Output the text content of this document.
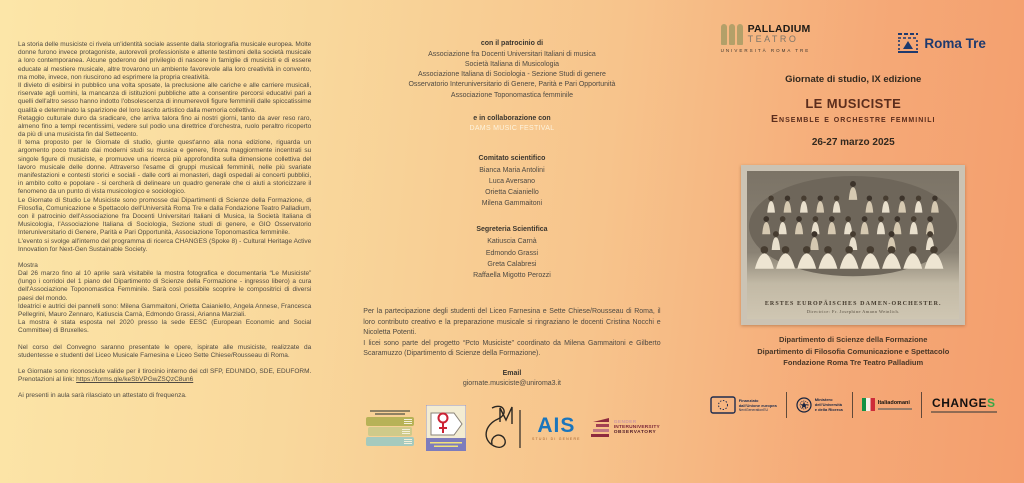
La storia delle musiciste ci rivela un'identità sociale assente dalla storiografia musicale europea. Molte donne furono invece protagoniste, autorevoli professioniste e attente testimoni della società musicale a loro contemporanea. Alcune goderono del privilegio di nascere in famiglie di musicisti e di essere educate al mestiere musicale, altre trovarono un ambiente favorevole alla loro creatività in convento, ma molte, invece, non riuscirono ad esprimere la propria creatività.
Il divieto di esibirsi in pubblico una volta sposate, la preclusione alle cariche e alle carriere musicali, riservate agli uomini, la mancanza di istituzioni pubbliche atte a consentire percorsi educativi pari a quelli dell'altro sesso hanno indotto l'obsolescenza di innumerevoli figure femminili dalle spiccatissime qualità e determinato la sparizione del loro lascito artistico dalla memoria collettiva.
Retaggio culturale duro da sradicare, che arriva talora fino ai nostri giorni, tanto da aver reso raro, almeno fino a tempi recentissimi, vedere sul podio una direttrice d'orchestra, ruolo peraltro ricoperto da più di una musicista fin dal Settecento.
Il tema proposto per le Giornate di studio, giunte quest'anno alla nona edizione, riguarda un argomento poco trattato dai moderni studi su musica e genere, finora maggiormente incentrati su singole figure di musiciste, e promuove una ricerca più approfondita sulla dimensione collettiva del lavoro musicale delle donne. Attraverso l'esame di gruppi musicali femminili, nelle più svariate manifestazioni e contesti storici e sociali - dalle corti ai monasteri, dagli ospedali ai concerti pubblici, in ambito colto e popolare - si cercherà di delineare un quadro generale che ci aiuti a storicizzare il fenomeno da un punto di vista musicologico e sociologico.
Le Giornate di Studio Le Musiciste sono promosse dai Dipartimenti di Scienze della Formazione, di Filosofia, Comunicazione e Spettacolo dell'Università Roma Tre e dalla Fondazione Teatro Palladium, con il patrocinio dell'Associazione fra Docenti Universitari Italiani di Musica, la Società Italiana di Musicologia, l'Associazione Italiana di Sociologia, Sezione studi di genere, e GIO Osservatorio Interuniversitario di Genere, Parità e Pari Opportunità, Associazione Toponomastica femminile.
L'evento si svolge all'interno del programma di ricerca CHANGES (Spoke 8) - Cultural Heritage Active Innovation for Next-Gen Sustainable Society.
Mostra
Dal 26 marzo fino al 10 aprile sarà visitabile la mostra fotografica e documentaria “Le Musiciste” (lungo i corridoi del 1 piano del Dipartimento di Scienze della Formazione - ingresso libero) a cura dell'Associazione Toponomastica Femminile. Sarà così possibile scoprire le compositrici di diversi paesi del mondo.
Ideatrici e autrici dei pannelli sono: Milena Gammaitoni, Orietta Caianiello, Angela Annese, Francesca Pellegrini, Mauro Zennaro, Katiuscia Carnà, Edmondo Grassi, Arianna Marziali.
La mostra è stata esposta nel 2020 presso la sede EESC (European Economic and Social Committee) di Bruxelles.

Nel corso del Convegno saranno presentate le opere, ispirate alle musiciste, realizzate da studentesse e studenti del Liceo Musicale Farnesina e Liceo Sette Chiese/Rousseau di Roma.

Le Giornate sono riconosciute valide per il tirocinio interno dei cdl SFP, EDUNIDO, SDE, EDUFORM. Prenotazioni al link: https://forms.gle/keSbVPGwZSQzC8un6

Ai presenti in aula sarà rilasciato un attestato di frequenza.

con il patrocinio di
Associazione fra Docenti Universitari Italiani di musica
Società Italiana di Musicologia
Associazione Italiana di Sociologia - Sezione Studi di genere
Osservatorio Interuniversitario di Genere, Parità e Pari Opportunità
Associazione Toponomastica femminile
e in collaborazione con
DAMS MUSIC FESTIVAL
Comitato scientifico
Bianca Maria Antolini
Luca Aversano
Orietta Caianiello
Milena Gammaitoni
Segreteria Scientifica
Katiuscia Carnà
Edmondo Grassi
Greta Calabresi
Raffaella Migotto Perozzi
Per la partecipazione degli studenti del Liceo Farnesina e Sette Chiese/Rousseau di Roma, il loro contributo creativo e la preparazione musicale si ringraziano le docenti Cristina Nocchi e Nicoletta Potenti.
I licei sono parte del progetto “Pcto Musiciste” coordinato da Milena Gammaitoni e Gilberto Scaramuzzo (Dipartimento di Scienze della Formazione).
Email
giornate.musiciste@uniroma3.it
AIS
STUDI DI GENERE
GENDER
INTERUNIVERSITY
OBSERVATORY
PALLADIUM
TEATRO
UNIVERSITÀ ROMA TRE	Roma Tre
Giornate di studio, IX edizione
LE MUSICISTE
Ensemble e orchestre femminili
26-27 marzo 2025
ERSTES EUROPÄISCHES DAMEN-ORCHESTER.
Directrice: Fr. Josephine Amann Weinlich.
Dipartimento di Scienze della Formazione
Dipartimento di Filosofia Comunicazione e Spettacolo
Fondazione Roma Tre Teatro Palladium
Finanziato
dall'Unione europea
NextGenerationEU
Ministero
dell'Università
e della Ricerca
Italiadomani CHANGES
